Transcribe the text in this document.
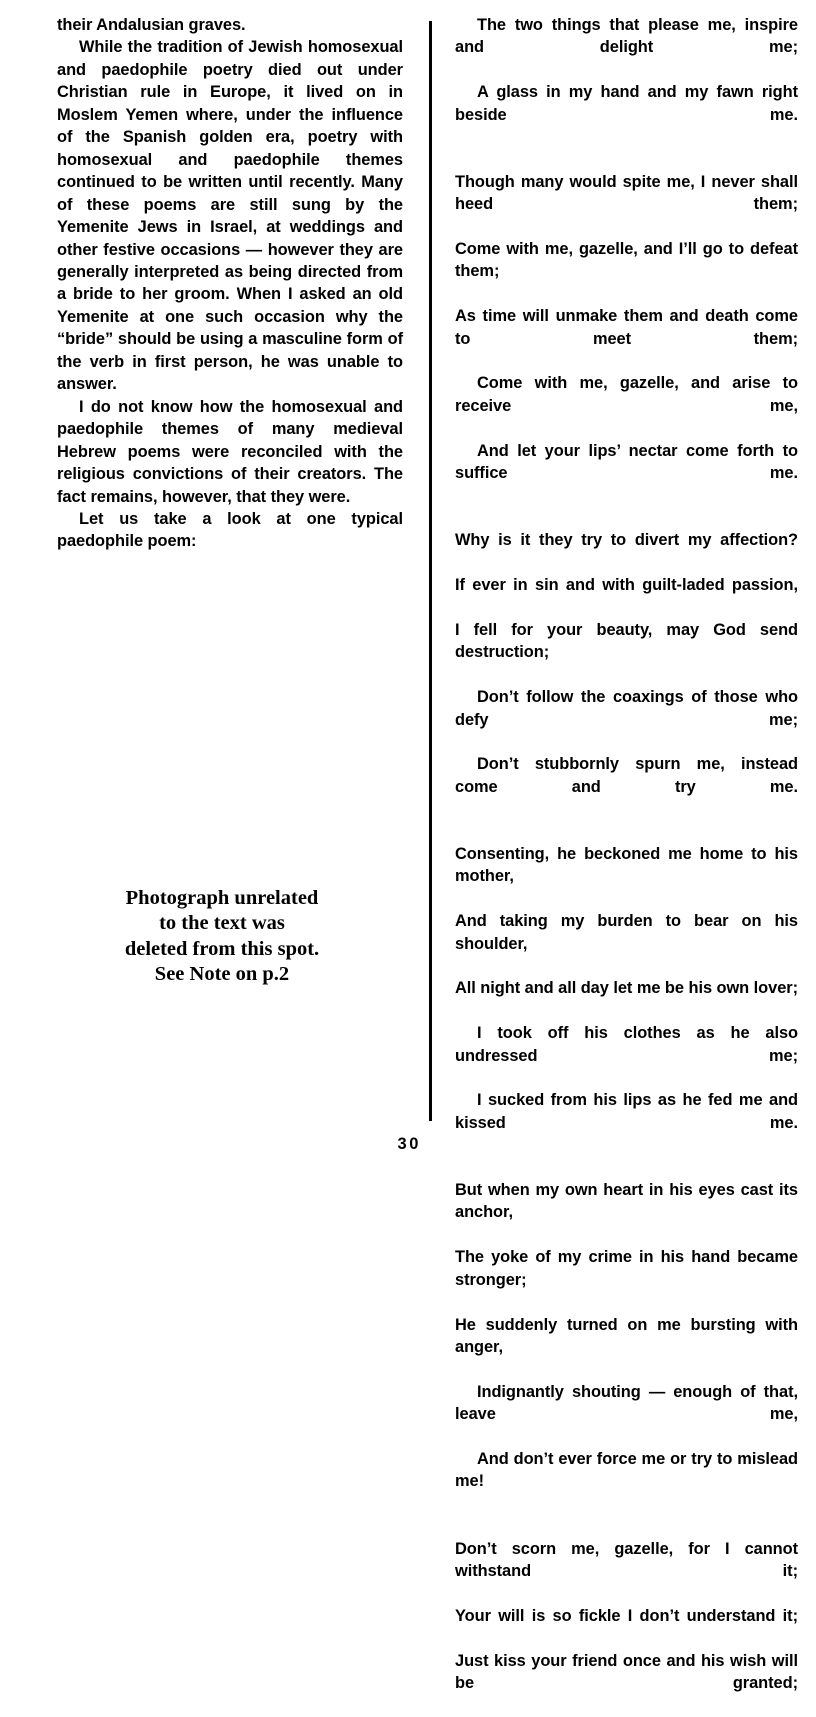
their Andalusian graves.

While the tradition of Jewish homosexual and paedophile poetry died out under Christian rule in Europe, it lived on in Moslem Yemen where, under the influence of the Spanish golden era, poetry with homosexual and paedophile themes continued to be written until recently. Many of these poems are still sung by the Yemenite Jews in Israel, at weddings and other festive occasions — however they are generally interpreted as being directed from a bride to her groom. When I asked an old Yemenite at one such occasion why the “bride” should be using a masculine form of the verb in first person, he was unable to answer.

I do not know how the homosexual and paedophile themes of many medieval Hebrew poems were reconciled with the religious convictions of their creators. The fact remains, however, that they were.

Let us take a look at one typical paedophile poem:

Photograph unrelated
to the text was
deleted from this spot.
See Note on p.2

The two things that please me, inspire and delight me;

A glass in my hand and my fawn right beside me.

Though many would spite me, I never shall heed them;

Come with me, gazelle, and I’ll go to defeat them;

As time will unmake them and death come to meet them;

Come with me, gazelle, and arise to receive me,

And let your lips’ nectar come forth to suffice me.

Why is it they try to divert my affection?

If ever in sin and with guilt-laded passion,

I fell for your beauty, may God send destruction;

Don’t follow the coaxings of those who defy me;

Don’t stubbornly spurn me, instead come and try me.

Consenting, he beckoned me home to his mother,

And taking my burden to bear on his shoulder,

All night and all day let me be his own lover;

I took off his clothes as he also undressed me;

I sucked from his lips as he fed me and kissed me.

But when my own heart in his eyes cast its anchor,

The yoke of my crime in his hand became stronger;

He suddenly turned on me bursting with anger,

Indignantly shouting — enough of that, leave me,

And don’t ever force me or try to mislead me!

Don’t scorn me, gazelle, for I cannot withstand it;

Your will is so fickle I don’t understand it;

Just kiss your friend once and his wish will be granted;

30
